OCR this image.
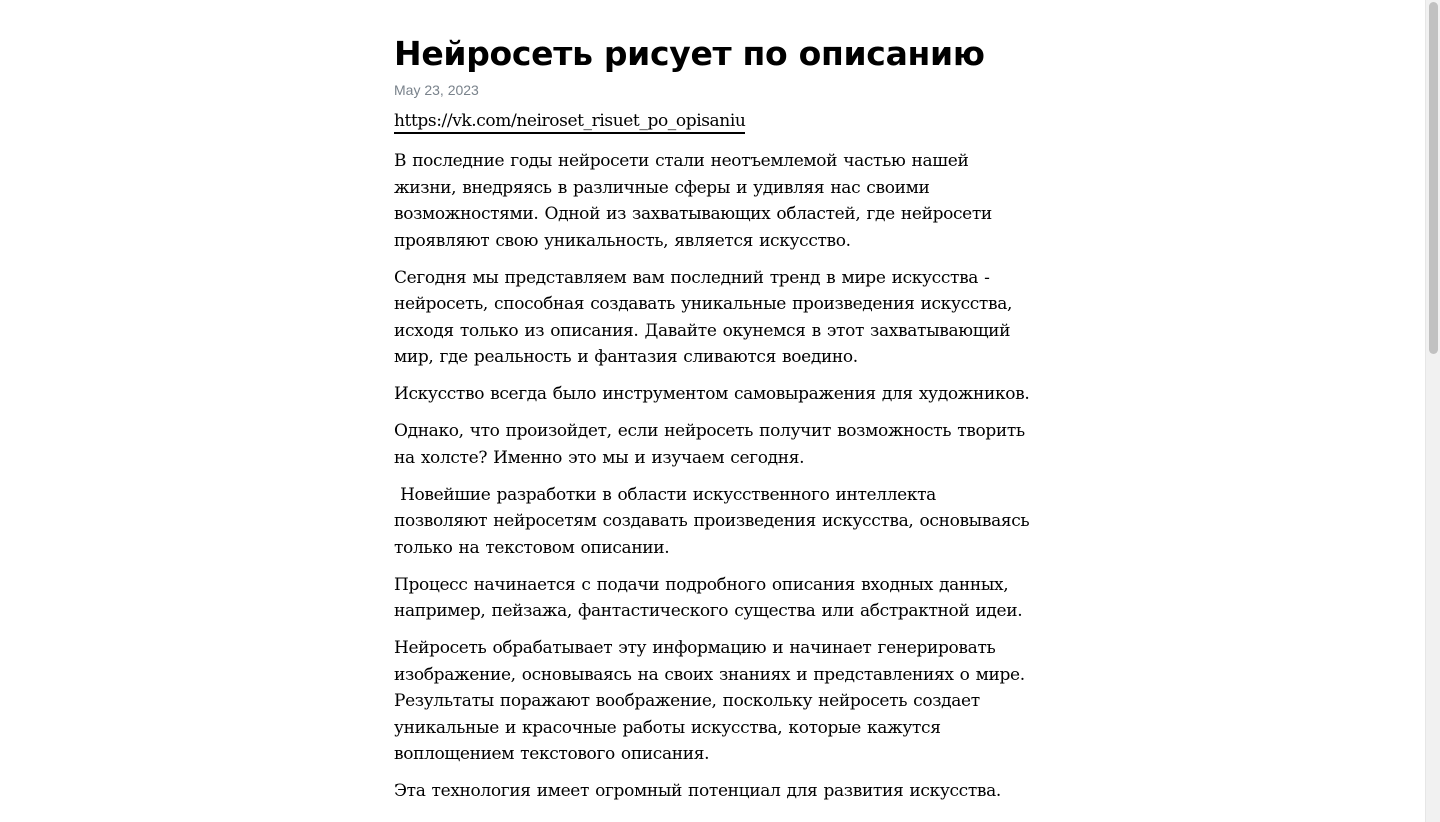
Нейросеть рисует по описанию
May 23, 2023
https://vk.com/neiroset_risuet_po_opisaniu

В последние годы нейросети стали неотъемлемой частью нашей жизни, внедряясь в различные сферы и удивляя нас своими возможностями. Одной из захватывающих областей, где нейросети проявляют свою уникальность, является искусство.

Сегодня мы представляем вам последний тренд в мире искусства - нейросеть, способная создавать уникальные произведения искусства, исходя только из описания. Давайте окунемся в этот захватывающий мир, где реальность и фантазия сливаются воедино.

Искусство всегда было инструментом самовыражения для художников.

Однако, что произойдет, если нейросеть получит возможность творить на холсте? Именно это мы и изучаем сегодня.

Новейшие разработки в области искусственного интеллекта позволяют нейросетям создавать произведения искусства, основываясь только на текстовом описании.

Процесс начинается с подачи подробного описания входных данных, например, пейзажа, фантастического существа или абстрактной идеи.

Нейросеть обрабатывает эту информацию и начинает генерировать изображение, основываясь на своих знаниях и представлениях о мире. Результаты поражают воображение, поскольку нейросеть создает уникальные и красочные работы искусства, которые кажутся воплощением текстового описания.

Эта технология имеет огромный потенциал для развития искусства.
